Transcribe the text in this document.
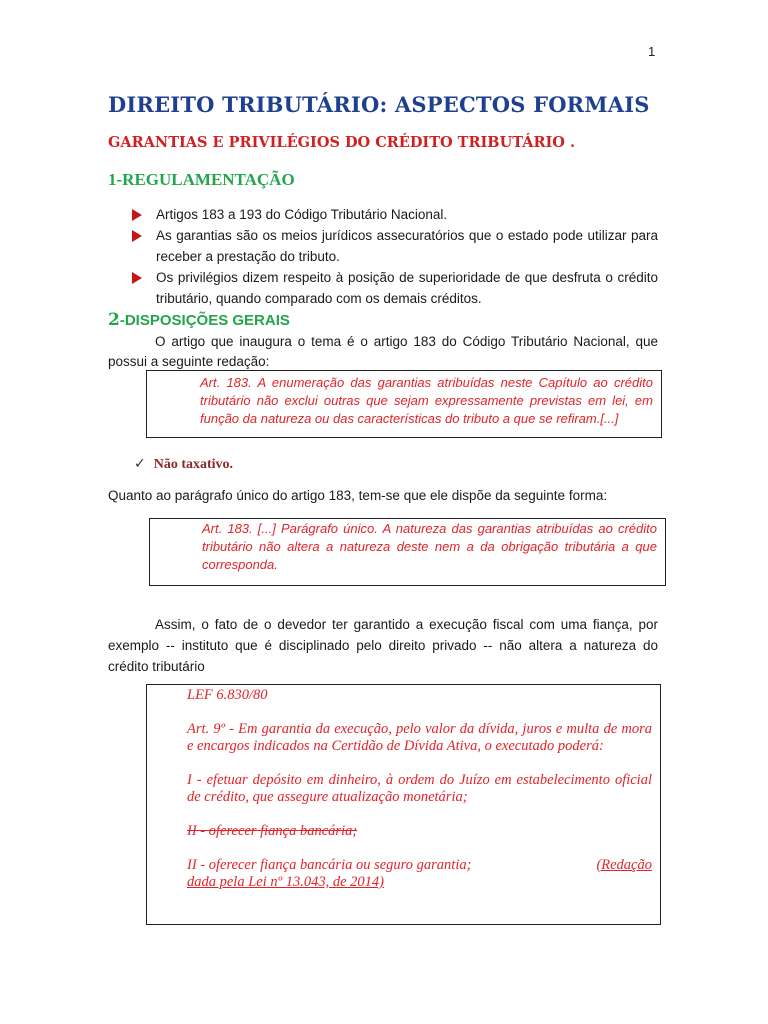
1
DIREITO TRIBUTÁRIO: ASPECTOS FORMAIS
GARANTIAS E PRIVILÉGIOS DO CRÉDITO TRIBUTÁRIO .
1-REGULAMENTAÇÃO
Artigos 183 a 193 do Código Tributário Nacional.
As garantias são os meios jurídicos assecuratórios que o estado pode utilizar para receber a prestação do tributo.
Os privilégios dizem respeito à posição de superioridade de que desfruta o crédito tributário, quando comparado com os demais créditos.
2-DISPOSIÇÕES GERAIS

O artigo que inaugura o tema é o artigo 183 do Código Tributário Nacional, que possui a seguinte redação:

Art. 183. A enumeração das garantias atribuídas neste Capítulo ao crédito tributário não exclui outras que sejam expressamente previstas em lei, em função da natureza ou das características do tributo a que se refiram.[...]

✓ Não taxativo.

Quanto ao parágrafo único do artigo 183, tem-se que ele dispõe da seguinte forma:

Art. 183. [...] Parágrafo único. A natureza das garantias atribuídas ao crédito tributário não altera a natureza deste nem a da obrigação tributária a que corresponda.

Assim, o fato de o devedor ter garantido a execução fiscal com uma fiança, por exemplo -- instituto que é disciplinado pelo direito privado -- não altera a natureza do crédito tributário

LEF 6.830/80

Art. 9º - Em garantia da execução, pelo valor da dívida, juros e multa de mora e encargos indicados na Certidão de Dívida Ativa, o executado poderá:

I - efetuar depósito em dinheiro, à ordem do Juízo em estabelecimento oficial de crédito, que assegure atualização monetária;

II - oferecer fiança bancária;

II - oferecer fiança bancária ou seguro garantia;	(Redação
dada pela Lei nº 13.043, de 2014)
